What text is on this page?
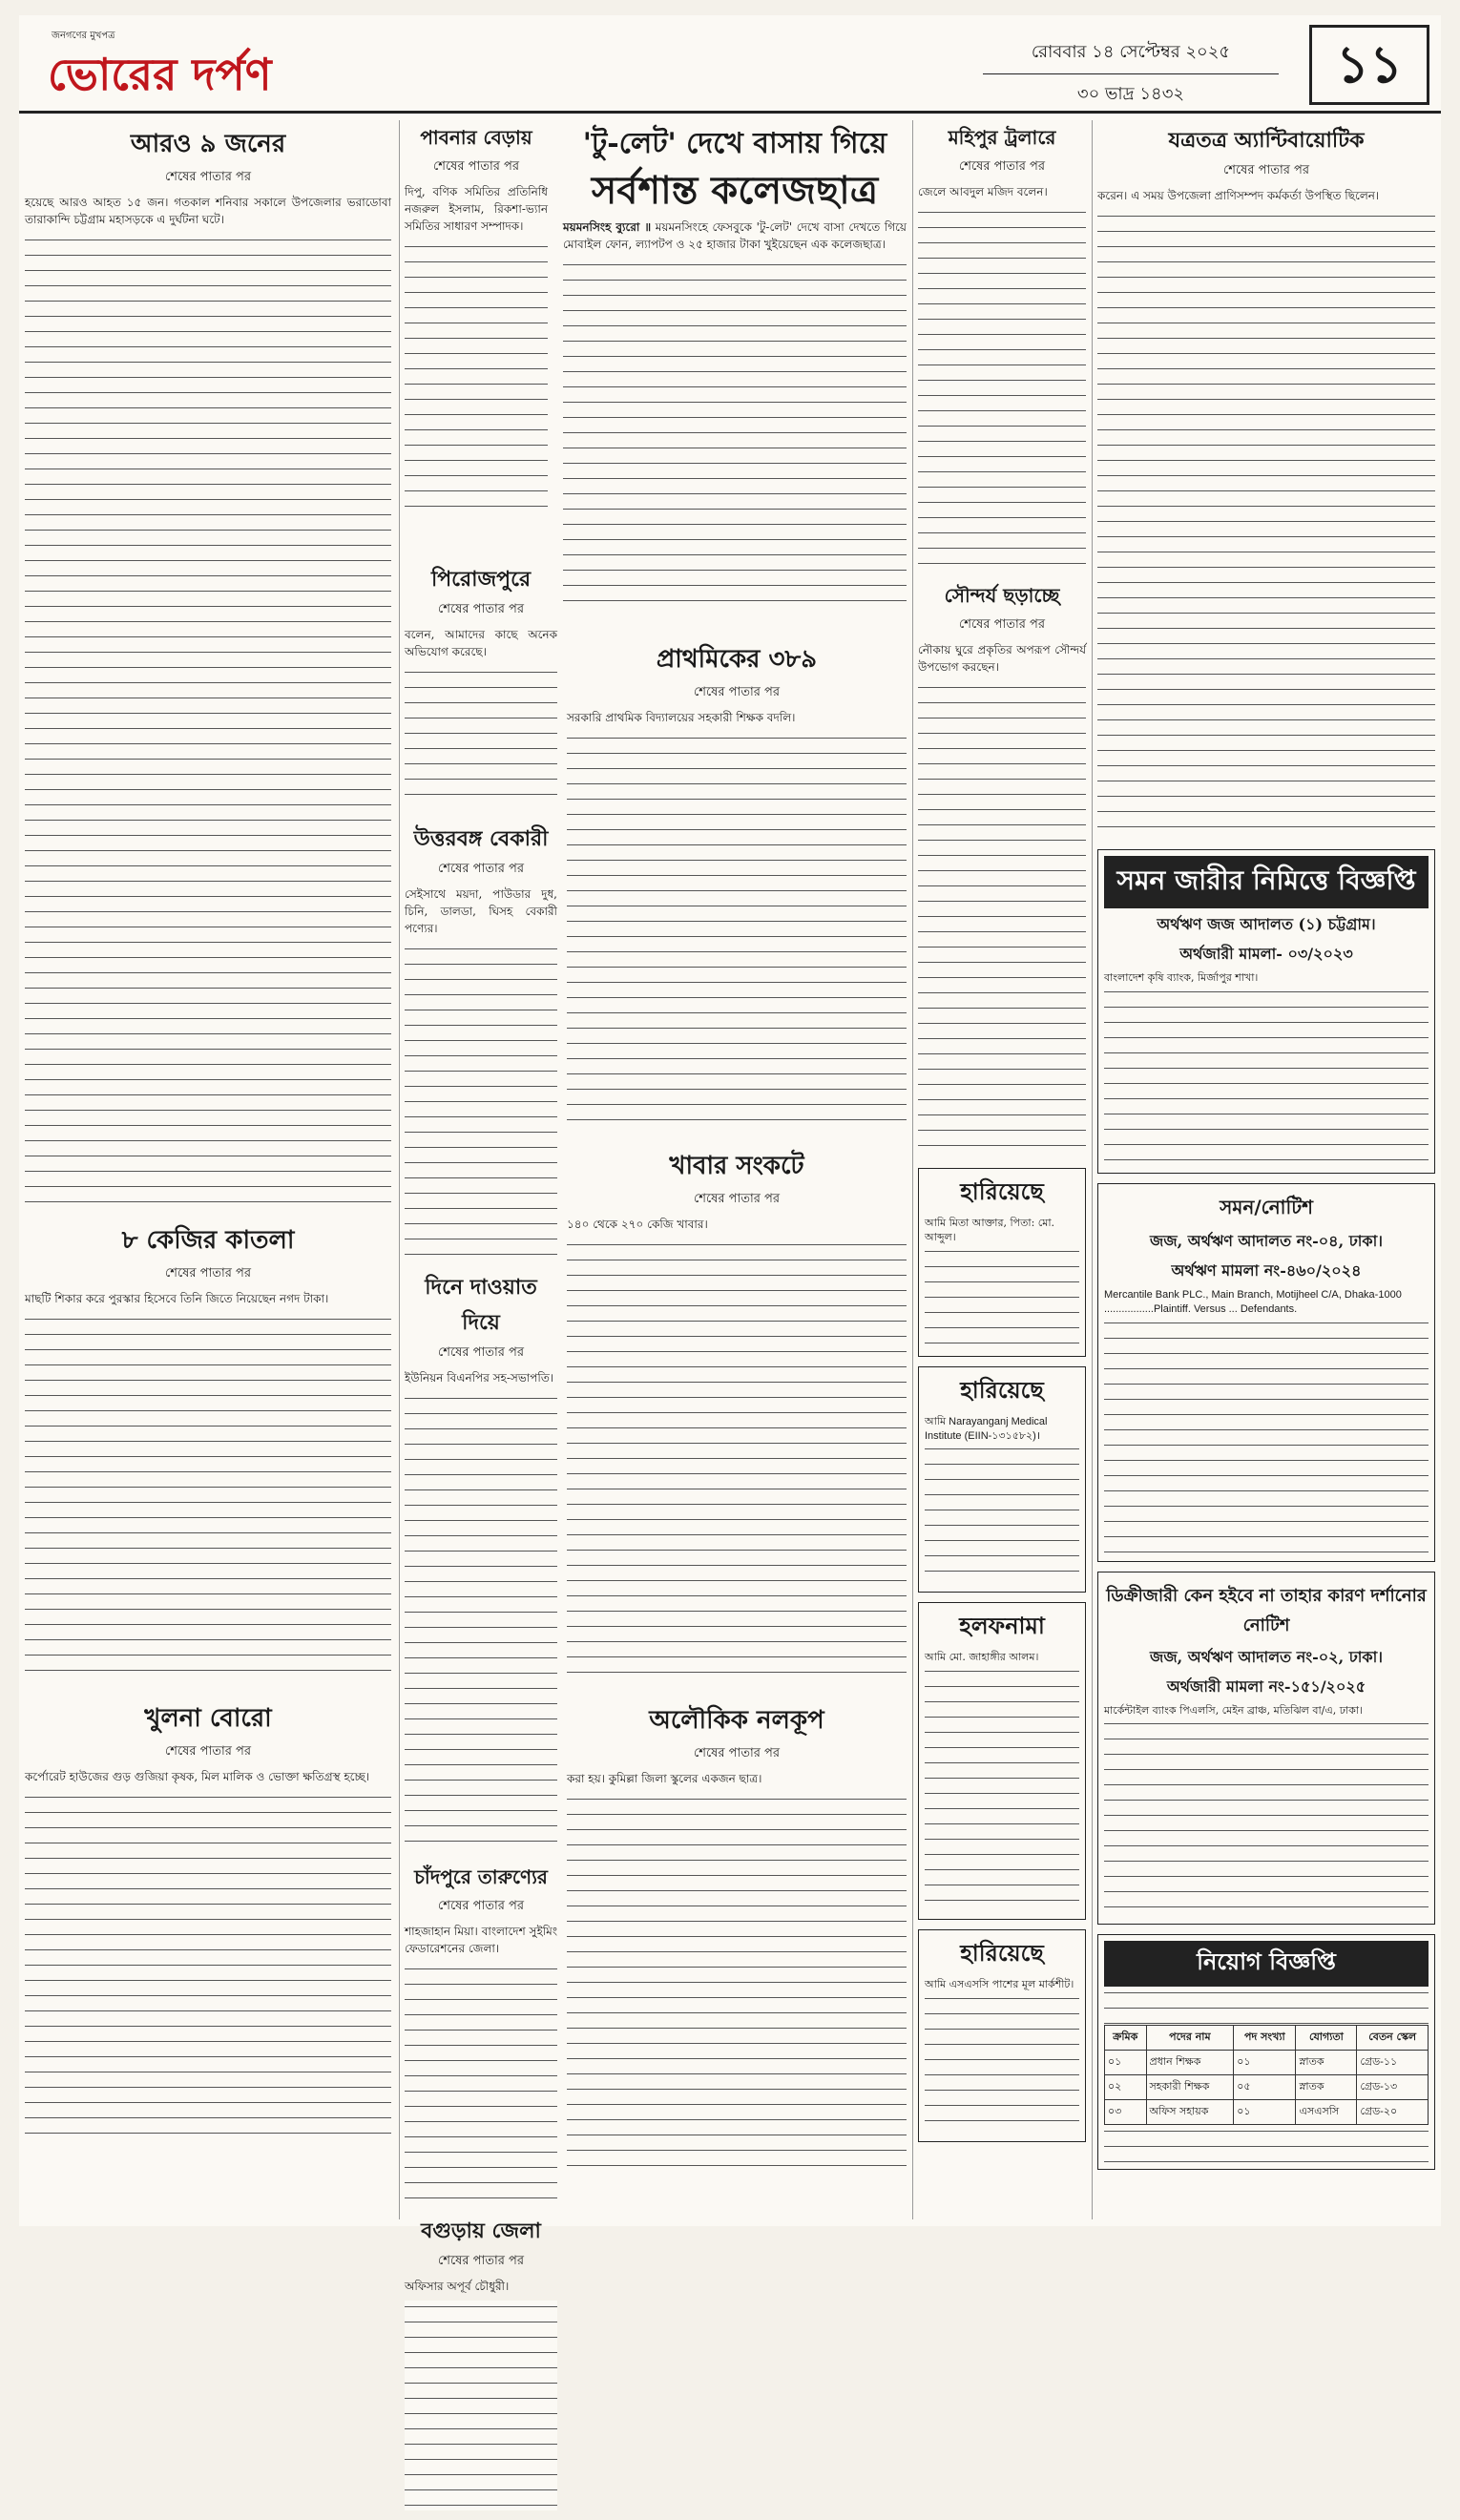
জনগণের মুখপত্র
ভোরের দর্পণ	রোববার ১৪ সেপ্টেম্বর ২০২৫
৩০ ভাদ্র ১৪৩২	১১
আরও ৯ জনের
শেষের পাতার পর

হয়েছে আরও আহত ১৫ জন। গতকাল শনিবার সকালে উপজেলার ভরাডোবা তারাকান্দি চট্টগ্রাম মহাসড়কে এ দুর্ঘটনা ঘটে।

৮ কেজির কাতলা
শেষের পাতার পর

মাছটি শিকার করে পুরস্কার হিসেবে তিনি জিতে নিয়েছেন নগদ টাকা।

খুলনা বোরো
শেষের পাতার পর

কর্পোরেট হাউজের গুড় গুজিয়া কৃষক, মিল মালিক ও ভোক্তা ক্ষতিগ্রস্থ হচ্ছে।

পাবনার বেড়ায়
শেষের পাতার পর

দিপু, বণিক সমিতির প্রতিনিধি নজরুল ইসলাম, রিকশা-ভ্যান সমিতির সাধারণ সম্পাদক।

'টু-লেট' দেখে বাসায় গিয়ে
সর্বশান্ত কলেজছাত্র

ময়মনসিংহ ব্যুরো ॥ ময়মনসিংহে ফেসবুকে 'টু-লেট' দেখে বাসা দেখতে গিয়ে মোবাইল ফোন, ল্যাপটপ ও ২৫ হাজার টাকা খুইয়েছেন এক কলেজছাত্র।

পিরোজপুরে
শেষের পাতার পর

বলেন, আমাদের কাছে অনেক অভিযোগ করেছে।

উত্তরবঙ্গ বেকারী
শেষের পাতার পর

সেইসাথে ময়দা, পাউডার দুধ, চিনি, ডালডা, ঘিসহ বেকারী পণ্যের।

দিনে দাওয়াত দিয়ে
শেষের পাতার পর

ইউনিয়ন বিএনপির সহ-সভাপতি।

চাঁদপুরে তারুণ্যের
শেষের পাতার পর

শাহজাহান মিয়া। বাংলাদেশ সুইমিং ফেডারেশনের জেলা।

বগুড়ায় জেলা
শেষের পাতার পর

অফিসার অপূর্ব চৌধুরী।

প্রাথমিকের ৩৮৯
শেষের পাতার পর

সরকারি প্রাথমিক বিদ্যালয়ের সহকারী শিক্ষক বদলি।

খাবার সংকটে
শেষের পাতার পর

১৪০ থেকে ২৭০ কেজি খাবার।

অলৌকিক নলকূপ
শেষের পাতার পর

করা হয়। কুমিল্লা জিলা স্কুলের একজন ছাত্র।

মহিপুর ট্রলারে
শেষের পাতার পর

জেলে আবদুল মজিদ বলেন।

সৌন্দর্য ছড়াচ্ছে
শেষের পাতার পর

নৌকায় ঘুরে প্রকৃতির অপরূপ সৌন্দর্য উপভোগ করছেন।

হারিয়েছে
আমি মিতা আক্তার, পিতা: মো. আব্দুল।
হারিয়েছে
আমি Narayanganj Medical Institute (EIIN-১৩১৫৮২)।
হলফনামা
আমি মো. জাহাঙ্গীর আলম।
হারিয়েছে
আমি এসএসসি পাশের মূল মার্কশীট।
যত্রতত্র অ্যান্টিবায়োটিক
শেষের পাতার পর

করেন। এ সময় উপজেলা প্রাণিসম্পদ কর্মকর্তা উপস্থিত ছিলেন।

সমন জারীর নিমিত্তে বিজ্ঞপ্তি
অর্থঋণ জজ আদালত (১) চট্টগ্রাম।
অর্থজারী মামলা- ০৩/২০২৩
বাংলাদেশ কৃষি ব্যাংক, মির্জাপুর শাখা।
সমন/নোটিশ
জজ, অর্থঋণ আদালত নং-০৪, ঢাকা।
অর্থঋণ মামলা নং-৪৬০/২০২৪
Mercantile Bank PLC., Main Branch, Motijheel C/A, Dhaka-1000 .................Plaintiff. Versus ... Defendants.
ডিক্রীজারী কেন হইবে না তাহার কারণ দর্শানোর নোটিশ
জজ, অর্থঋণ আদালত নং-০২, ঢাকা।
অর্থজারী মামলা নং-১৫১/২০২৫
মার্কেন্টাইল ব্যাংক পিএলসি, মেইন ব্রাঞ্চ, মতিঝিল বা/এ, ঢাকা।
নিয়োগ বিজ্ঞপ্তি
ক্রমিক	পদের নাম	পদ সংখ্যা	যোগ্যতা	বেতন স্কেল
০১	প্রধান শিক্ষক	০১	স্নাতক	গ্রেড-১১
০২	সহকারী শিক্ষক	০৫	স্নাতক	গ্রেড-১৩
০৩	অফিস সহায়ক	০১	এসএসসি	গ্রেড-২০
